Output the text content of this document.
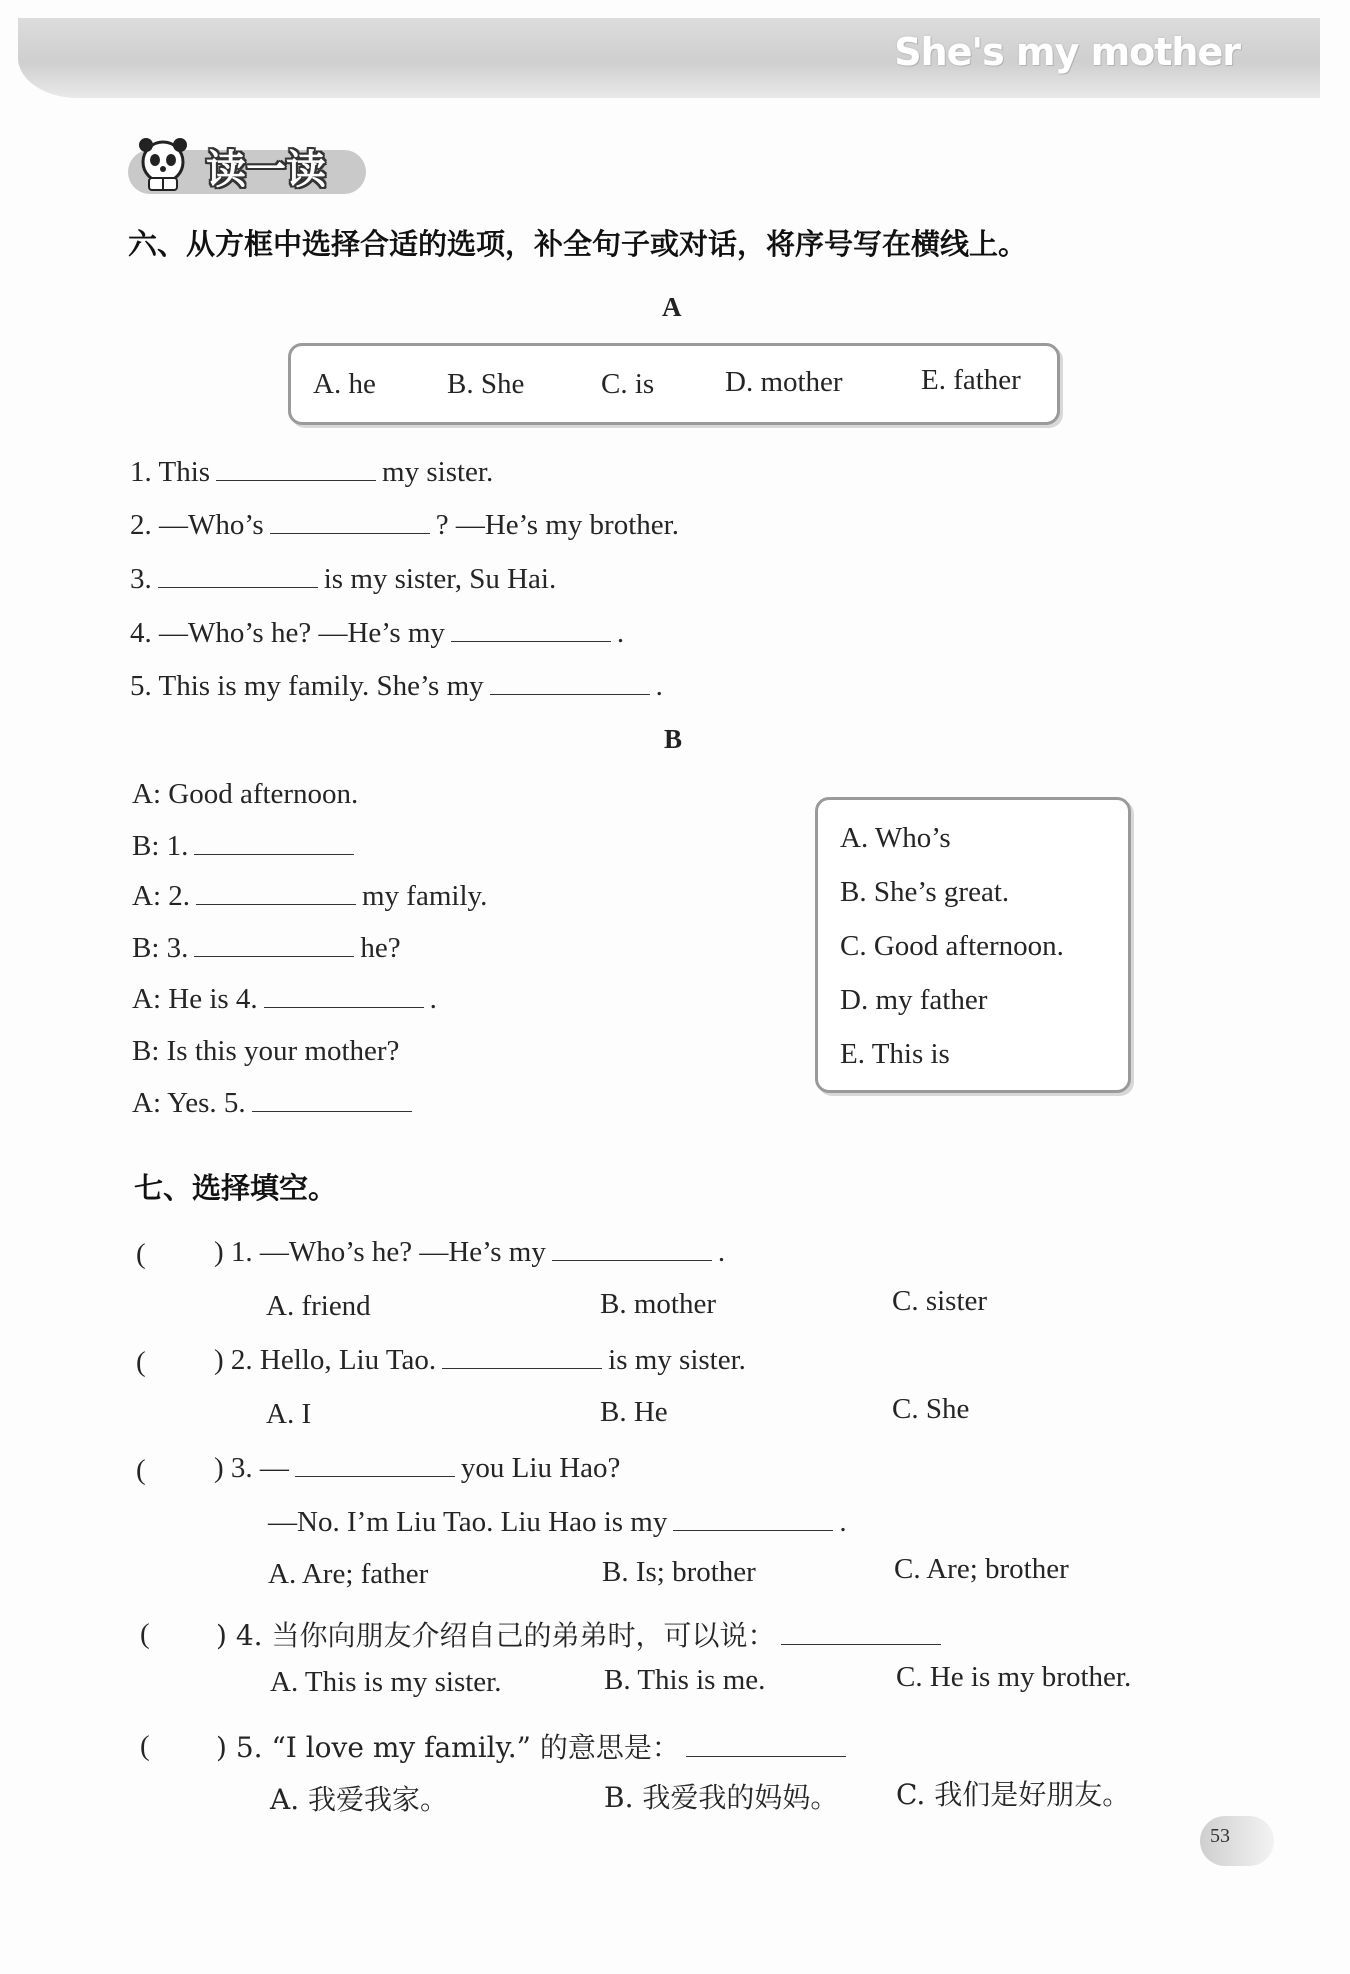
She's my mother
读一读
六、从方框中选择合适的选项，补全句子或对话，将序号写在横线上。
A
A. he B. She	C. is D. mother	E. father
1. This	my sister.
2. —Who’s	? —He’s my brother.
3.	is my sister, Su Hai.
4. —Who’s he? —He’s my	.
5. This is my family. She’s my	.
B
A: Good afternoon.
B: 1.
A: 2.	my family.
B: 3.	he?
A: He is 4.	.
B: Is this your mother?
A: Yes. 5.
A. Who’s
B. She’s great.
C. Good afternoon.
D. my father
E. This is
七、选择填空。
( ) 1. —Who’s he? —He’s my	.
A. friend	B. mother	C. sister
( ) 2. Hello, Liu Tao.	is my sister.
A. I	B. He	C. She
( ) 3. —	you Liu Hao?
—No. I’m Liu Tao. Liu Hao is my	.
A. Are; father	B. Is; brother	C. Are; brother
( ) 4. 当你向朋友介绍自己的弟弟时，可以说：
A. This is my sister.	B. This is me.	C. He is my brother.
( ) 5. “I love my family.” 的意思是：
A. 我爱我家。	B. 我爱我的妈妈。 C. 我们是好朋友。
53
